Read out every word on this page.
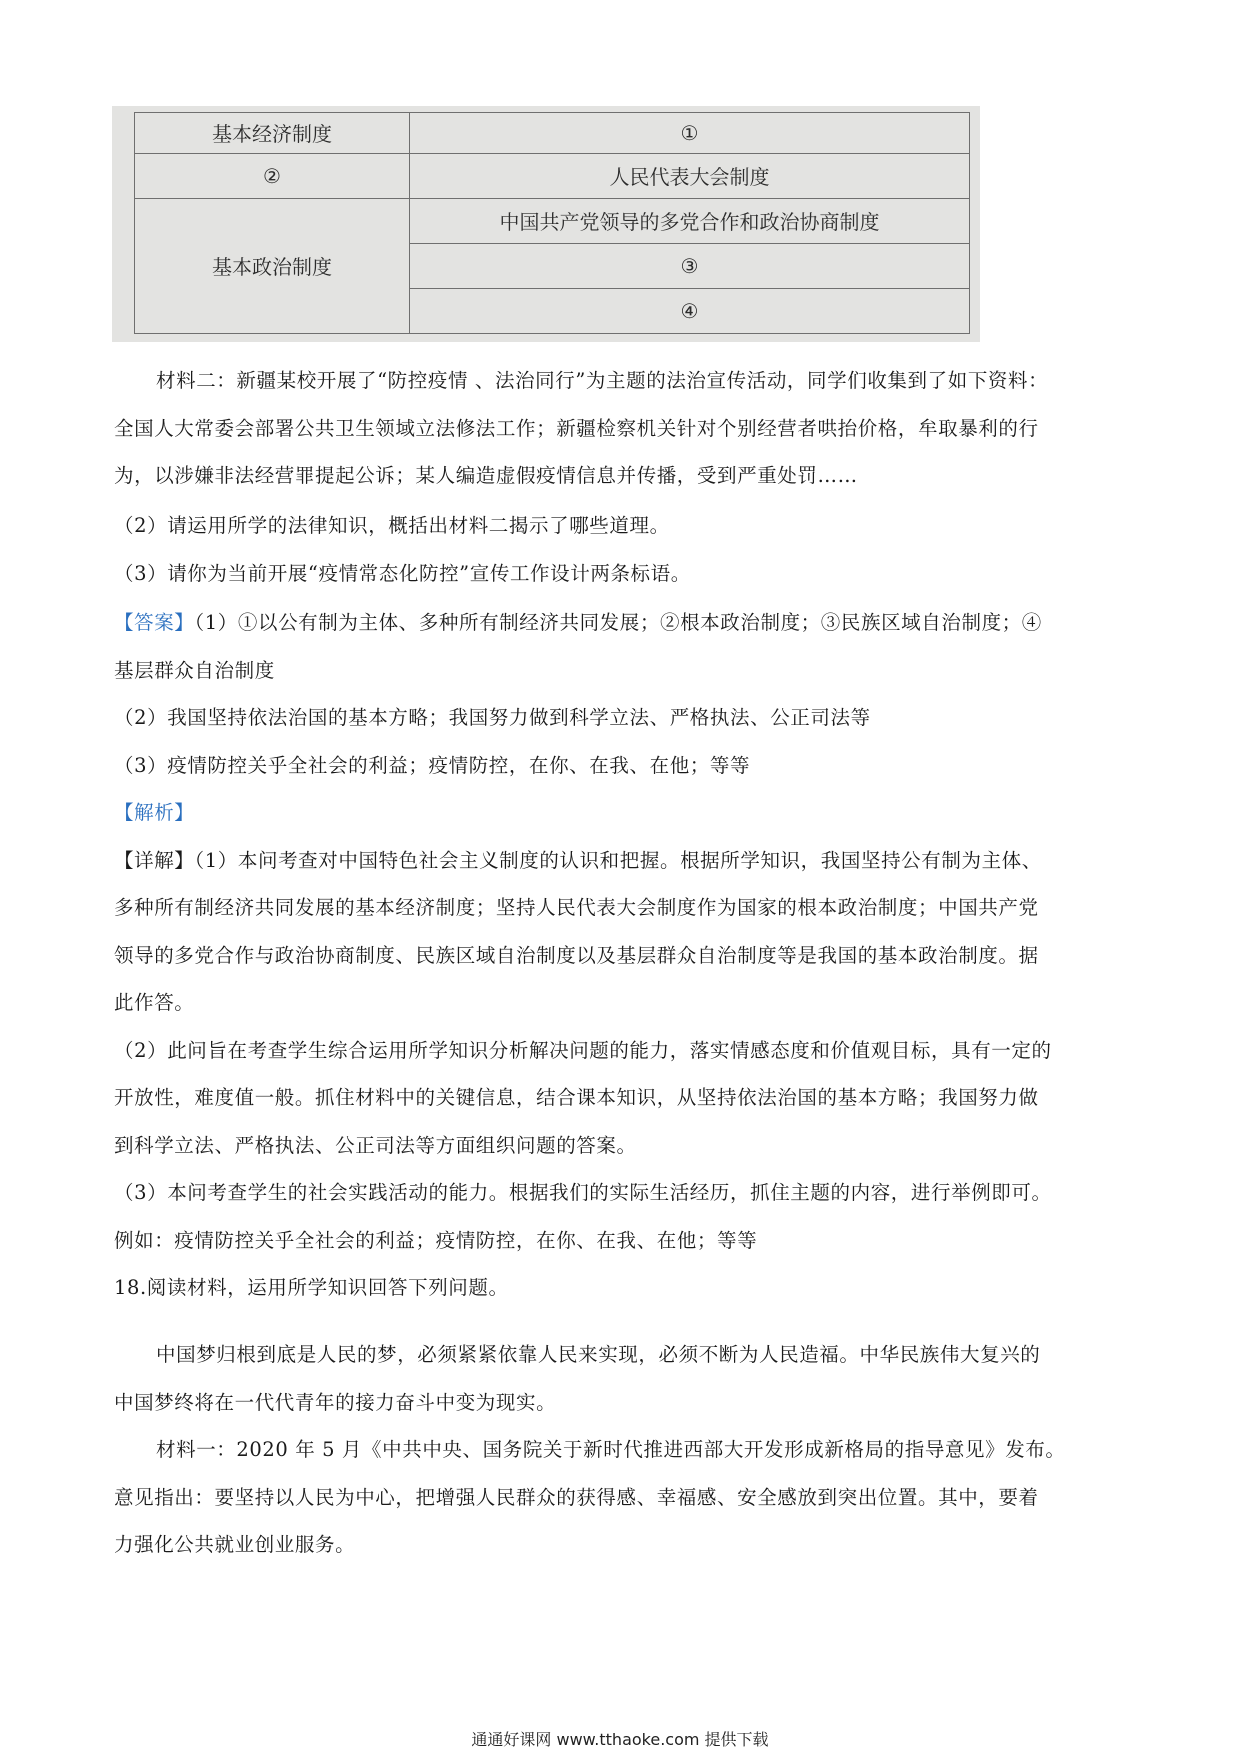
基本经济制度	①
②	人民代表大会制度
基本政治制度	中国共产党领导的多党合作和政治协商制度
	③
	④
材料二：新疆某校开展了“防控疫情 、法治同行”为主题的法治宣传活动，同学们收集到了如下资料：
全国人大常委会部署公共卫生领域立法修法工作；新疆检察机关针对个别经营者哄抬价格，牟取暴利的行
为，以涉嫌非法经营罪提起公诉；某人编造虚假疫情信息并传播，受到严重处罚……
（2）请运用所学的法律知识，概括出材料二揭示了哪些道理。
（3）请你为当前开展“疫情常态化防控”宣传工作设计两条标语。
【答案】（1）①以公有制为主体、多种所有制经济共同发展；②根本政治制度；③民族区域自治制度；④
基层群众自治制度
（2）我国坚持依法治国的基本方略；我国努力做到科学立法、严格执法、公正司法等
（3）疫情防控关乎全社会的利益；疫情防控，在你、在我、在他；等等
【解析】
【详解】（1）本问考查对中国特色社会主义制度的认识和把握。根据所学知识，我国坚持公有制为主体、
多种所有制经济共同发展的基本经济制度；坚持人民代表大会制度作为国家的根本政治制度；中国共产党
领导的多党合作与政治协商制度、民族区域自治制度以及基层群众自治制度等是我国的基本政治制度。据
此作答。
（2）此问旨在考查学生综合运用所学知识分析解决问题的能力，落实情感态度和价值观目标，具有一定的
开放性，难度值一般。抓住材料中的关键信息，结合课本知识，从坚持依法治国的基本方略；我国努力做
到科学立法、严格执法、公正司法等方面组织问题的答案。
（3）本问考查学生的社会实践活动的能力。根据我们的实际生活经历，抓住主题的内容，进行举例即可。
例如：疫情防控关乎全社会的利益；疫情防控，在你、在我、在他；等等
18.阅读材料，运用所学知识回答下列问题。
中国梦归根到底是人民的梦，必须紧紧依靠人民来实现，必须不断为人民造福。中华民族伟大复兴的
中国梦终将在一代代青年的接力奋斗中变为现实。
材料一：2020 年 5 月《中共中央、国务院关于新时代推进西部大开发形成新格局的指导意见》发布。
意见指出：要坚持以人民为中心，把增强人民群众的获得感、幸福感、安全感放到突出位置。其中，要着
力强化公共就业创业服务。
通通好课网 www.tthaoke.com 提供下载
